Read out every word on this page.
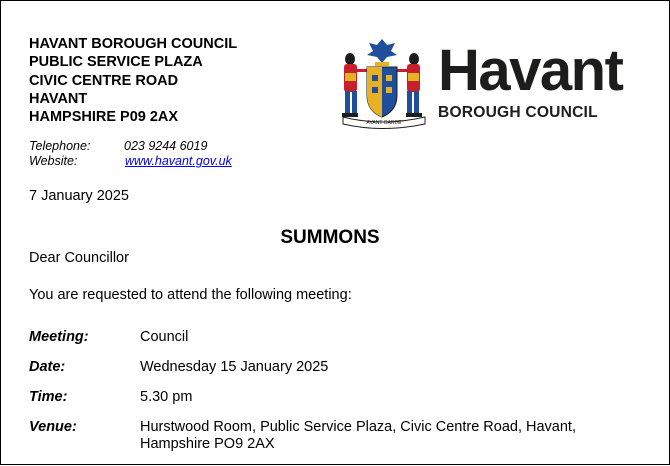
HAVANT BOROUGH COUNCIL
PUBLIC SERVICE PLAZA
CIVIC CENTRE ROAD
HAVANT
HAMPSHIRE P09 2AX
Telephone:	023 9244 6019
Website:	www.havant.gov.uk
AVANT GARDE
Havant
BOROUGH COUNCIL
7 January 2025
SUMMONS
Dear Councillor
You are requested to attend the following meeting:
Meeting:	Council
Date:	Wednesday 15 January 2025
Time:	5.30 pm
Venue:	Hurstwood Room, Public Service Plaza, Civic Centre Road, Havant, Hampshire PO9 2AX
